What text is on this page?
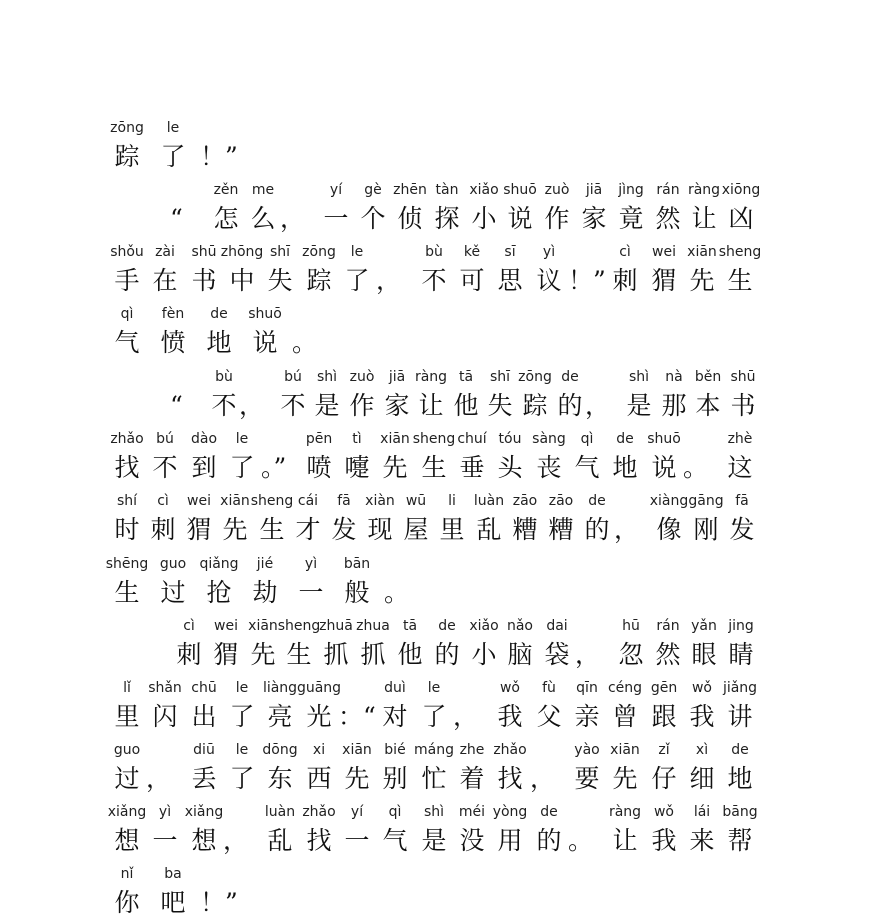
zōng
踪
le
了 ！”
“
zěn
怎
me
么 ，
yí
一
gè
个
zhēn
侦
tàn
探
xiǎo
小
shuō
说
zuò
作
jiā
家
jìng
竟
rán
然
ràng
让
xiōng
凶
shǒu
手
zài
在
shū
书
zhōng
中
shī
失
zōng
踪
le
了 ，
bù
不
kě
可
sī
思
yì
议 ！”
cì
刺
wei
猬
xiān
先
sheng
生
qì
气
fèn
愤
de
地
shuō
说 。
“
bù
不 ，
bú
不
shì
是
zuò
作
jiā
家
ràng
让
tā
他
shī
失
zōng
踪
de
的 ，
shì
是
nà
那
běn
本
shū
书
zhǎo
找
bú
不
dào
到
le
了 。”
pēn
喷
tì
嚏
xiān
先
sheng
生
chuí
垂
tóu
头
sàng
丧
qì
气
de
地
shuō
说 。
zhè
这
shí
时
cì
刺
wei
猬
xiān
先
sheng
生
cái
才
fā
发
xiàn
现
wū
屋
li
里
luàn
乱
zāo
糟
zāo
糟
de
的 ，
xiàng
像
gāng
刚
fā
发
shēng
生
guo
过
qiǎng
抢
jié
劫
yì
一
bān
般 。
cì
刺
wei
猬
xiān
先
sheng
生
zhuā
抓
zhua
抓
tā
他
de
的
xiǎo
小
nǎo
脑
dai
袋 ，
hū
忽
rán
然
yǎn
眼
jing
睛
lǐ
里
shǎn
闪
chū
出
le
了
liàng
亮
guāng
光 ：“
duì
对
le
了 ，
wǒ
我
fù
父
qīn
亲
céng
曾
gēn
跟
wǒ
我
jiǎng
讲
guo
过 ，
diū
丢
le
了
dōng
东
xi
西
xiān
先
bié
别
máng
忙
zhe
着
zhǎo
找 ，
yào
要
xiān
先
zǐ
仔
xì
细
de
地
xiǎng
想
yì
一
xiǎng
想 ，
luàn
乱
zhǎo
找
yí
一
qì
气
shì
是
méi
没
yòng
用
de
的 。
ràng
让
wǒ
我
lái
来
bāng
帮
nǐ
你
ba
吧 ！”
